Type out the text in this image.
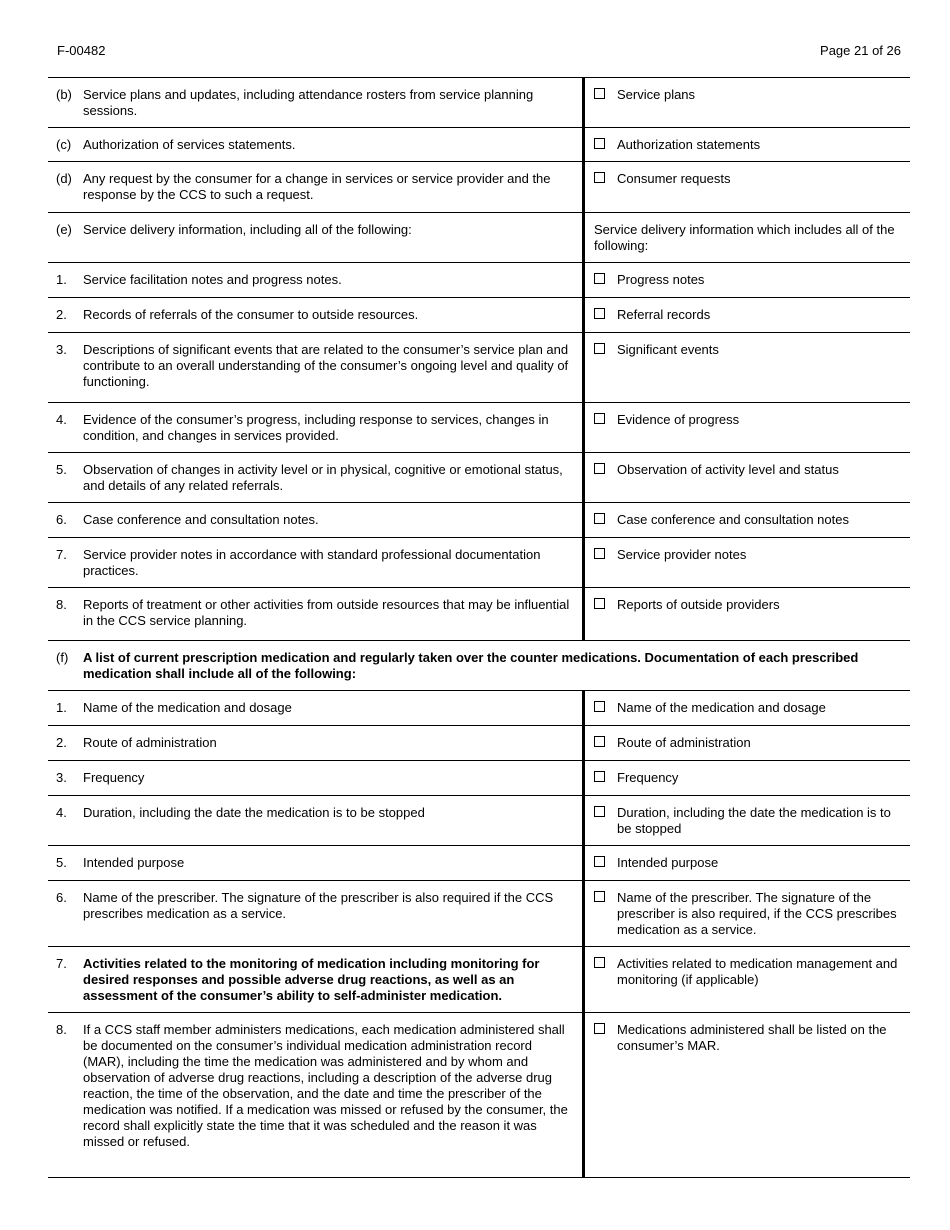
F-00482	Page 21 of 26
(b) Service plans and updates, including attendance rosters from service planning sessions.	Service plans

(c) Authorization of services statements.	Authorization statements

(d) Any request by the consumer for a change in services or service provider and the response by the CCS to such a request.	Consumer requests

(e) Service delivery information, including all of the following:	Service delivery information which includes all of the following:

1. Service facilitation notes and progress notes.	Progress notes

2. Records of referrals of the consumer to outside resources.	Referral records

3. Descriptions of significant events that are related to the consumer’s service plan and contribute to an overall understanding of the consumer’s ongoing level and quality of functioning.	Significant events

4. Evidence of the consumer’s progress, including response to services, changes in condition, and changes in services provided.	Evidence of progress

5. Observation of changes in activity level or in physical, cognitive or emotional status, and details of any related referrals.	Observation of activity level and status

6. Case conference and consultation notes.	Case conference and consultation notes

7. Service provider notes in accordance with standard professional documentation practices.	Service provider notes

8. Reports of treatment or other activities from outside resources that may be influential in the CCS service planning.	Reports of outside providers

(f) A list of current prescription medication and regularly taken over the counter medications. Documentation of each prescribed medication shall include all of the following:	

1. Name of the medication and dosage	Name of the medication and dosage

2. Route of administration	Route of administration

3. Frequency	Frequency

4. Duration, including the date the medication is to be stopped	Duration, including the date the medication is to be stopped

5. Intended purpose	Intended purpose

6. Name of the prescriber. The signature of the prescriber is also required if the CCS prescribes medication as a service.	Name of the prescriber. The signature of the prescriber is also required, if the CCS prescribes medication as a service.

7. Activities related to the monitoring of medication including monitoring for desired responses and possible adverse drug reactions, as well as an assessment of the consumer’s ability to self-administer medication.	Activities related to medication management and monitoring (if applicable)

8. If a CCS staff member administers medications, each medication administered shall be documented on the consumer’s individual medication administration record (MAR), including the time the medication was administered and by whom and observation of adverse drug reactions, including a description of the adverse drug reaction, the time of the observation, and the date and time the prescriber of the medication was notified. If a medication was missed or refused by the consumer, the record shall explicitly state the time that it was scheduled and the reason it was missed or refused.	Medications administered shall be listed on the consumer’s MAR.
